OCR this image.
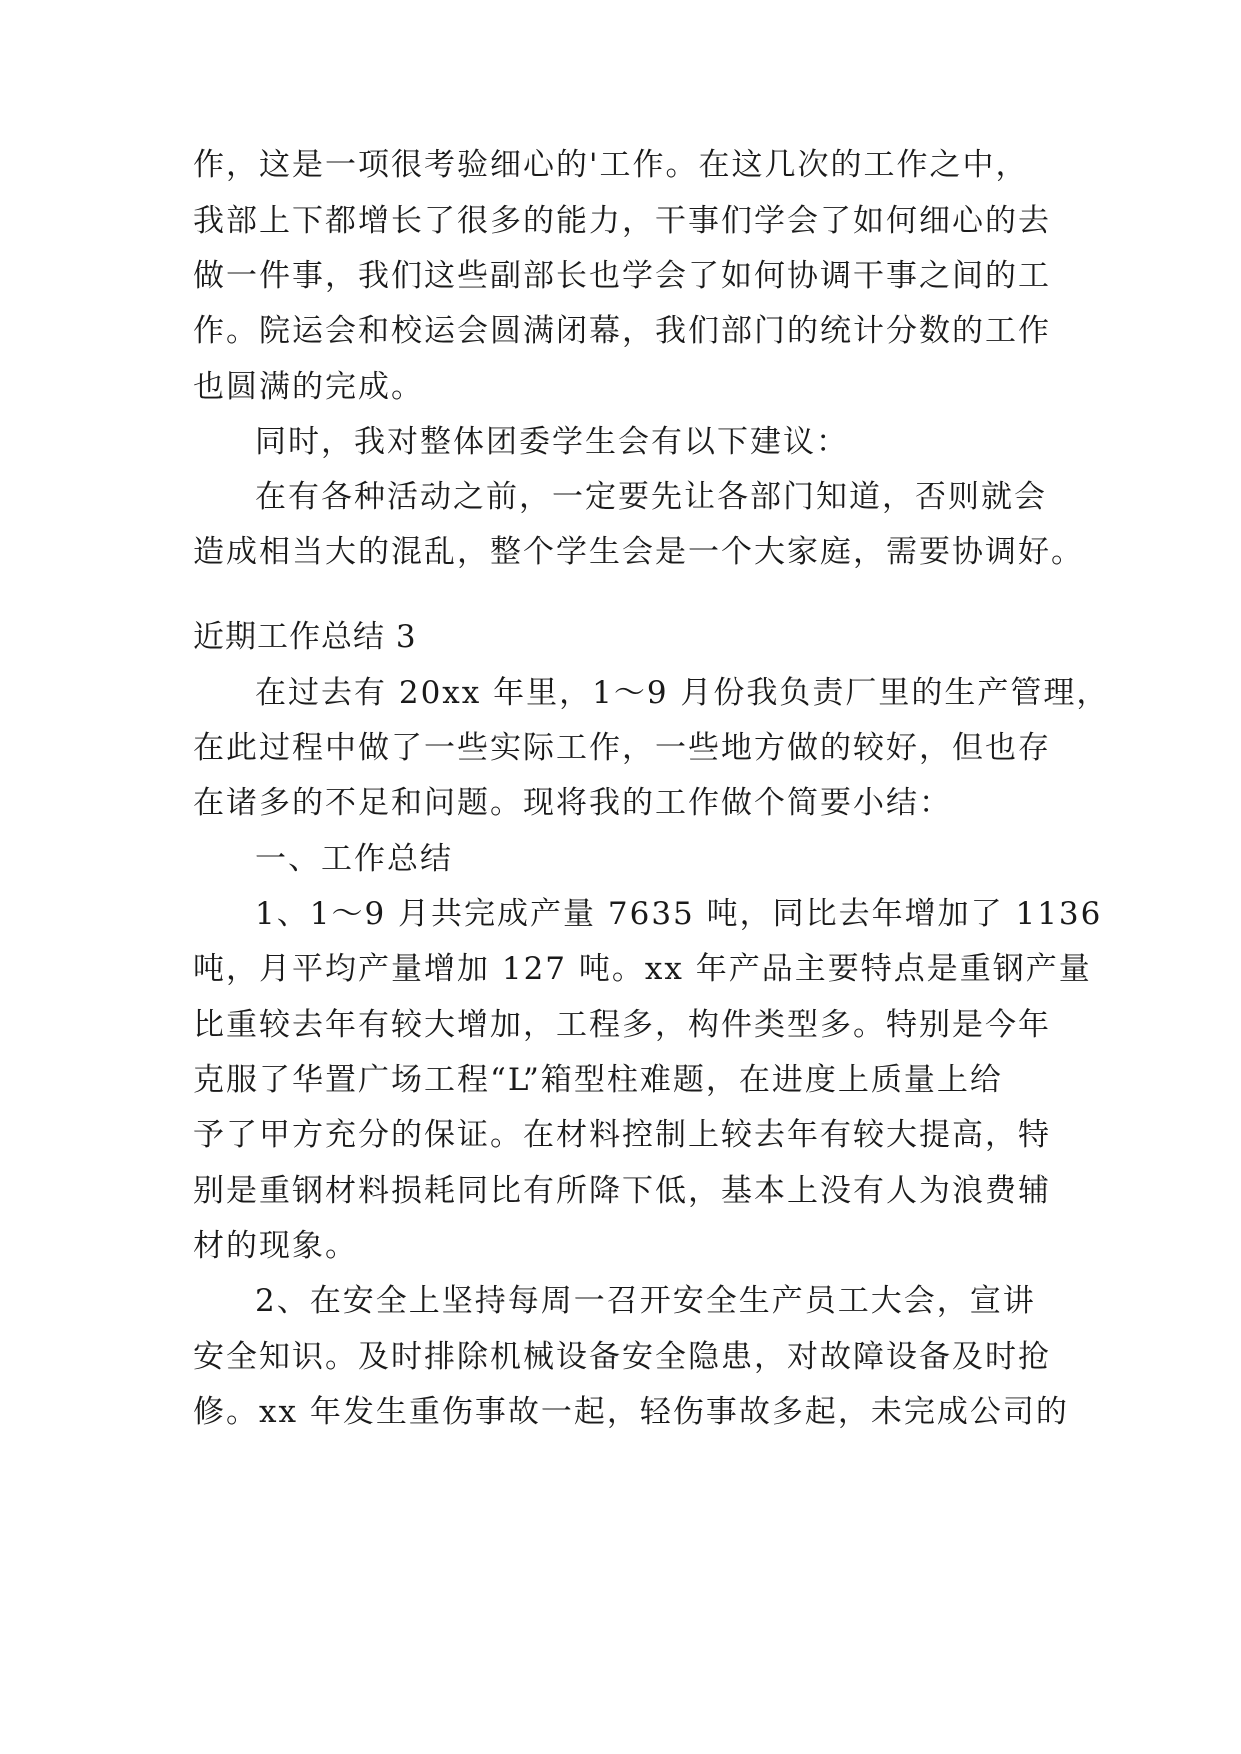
作，这是一项很考验细心的'工作。在这几次的工作之中，
我部上下都增长了很多的能力，干事们学会了如何细心的去
做一件事，我们这些副部长也学会了如何协调干事之间的工
作。院运会和校运会圆满闭幕，我们部门的统计分数的工作
也圆满的完成。
同时，我对整体团委学生会有以下建议：
在有各种活动之前，一定要先让各部门知道，否则就会
造成相当大的混乱，整个学生会是一个大家庭，需要协调好。
近期工作总结 3
在过去有 20xx 年里，1～9 月份我负责厂里的生产管理，
在此过程中做了一些实际工作，一些地方做的较好，但也存
在诸多的不足和问题。现将我的工作做个简要小结：
一、工作总结
1、1～9 月共完成产量 7635 吨，同比去年增加了 1136
吨，月平均产量增加 127 吨。xx 年产品主要特点是重钢产量
比重较去年有较大增加，工程多，构件类型多。特别是今年
克服了华置广场工程“L”箱型柱难题，在进度上质量上给
予了甲方充分的保证。在材料控制上较去年有较大提高，特
别是重钢材料损耗同比有所降下低，基本上没有人为浪费辅
材的现象。
2、在安全上坚持每周一召开安全生产员工大会，宣讲
安全知识。及时排除机械设备安全隐患，对故障设备及时抢
修。xx 年发生重伤事故一起，轻伤事故多起，未完成公司的
